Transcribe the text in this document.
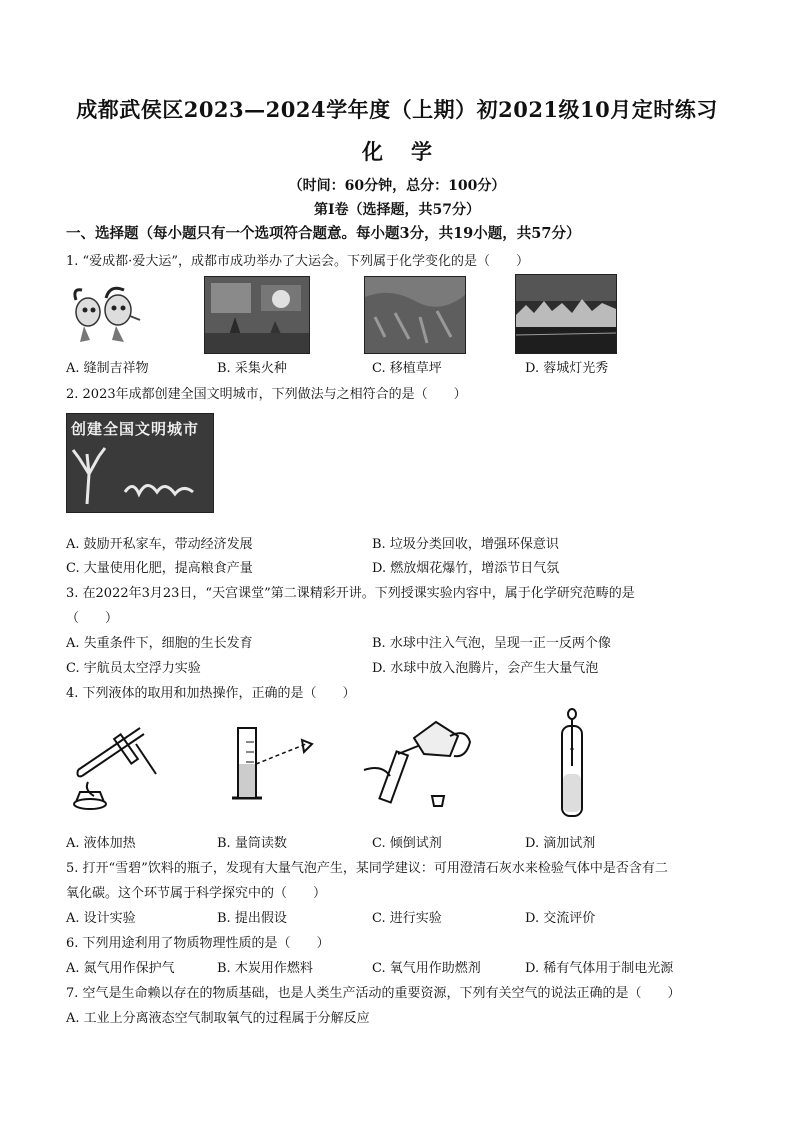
成都武侯区2023—2024学年度（上期）初2021级10月定时练习
化学
（时间：60分钟，总分：100分）
第Ⅰ卷（选择题，共57分）
一、选择题（每小题只有一个选项符合题意。每小题3分，共19小题，共57分）
1. “爱成都·爱大运”，成都市成功举办了大运会。下列属于化学变化的是（　　）
A. 缝制吉祥物	B. 采集火种	C. 移植草坪	D. 蓉城灯光秀
2. 2023年成都创建全国文明城市，下列做法与之相符合的是（　　）
创建全国文明城市
A. 鼓励开私家车，带动经济发展	B. 垃圾分类回收，增强环保意识
C. 大量使用化肥，提高粮食产量	D. 燃放烟花爆竹，增添节日气氛
3. 在2022年3月23日，“天宫课堂”第二课精彩开讲。下列授课实验内容中，属于化学研究范畴的是
（　　）
A. 失重条件下，细胞的生长发育	B. 水球中注入气泡，呈现一正一反两个像
C. 宇航员太空浮力实验	D. 水球中放入泡腾片，会产生大量气泡
4. 下列液体的取用和加热操作，正确的是（　　）
A. 液体加热	B. 量筒读数	C. 倾倒试剂	D. 滴加试剂
5. 打开“雪碧”饮料的瓶子，发现有大量气泡产生，某同学建议：可用澄清石灰水来检验气体中是否含有二
氧化碳。这个环节属于科学探究中的（　　）
A. 设计实验	B. 提出假设	C. 进行实验	D. 交流评价
6. 下列用途利用了物质物理性质的是（　　）
A. 氮气用作保护气	B. 木炭用作燃料	C. 氧气用作助燃剂	D. 稀有气体用于制电光源
7. 空气是生命赖以存在的物质基础，也是人类生产活动的重要资源，下列有关空气的说法正确的是（　　）
A. 工业上分离液态空气制取氧气的过程属于分解反应
